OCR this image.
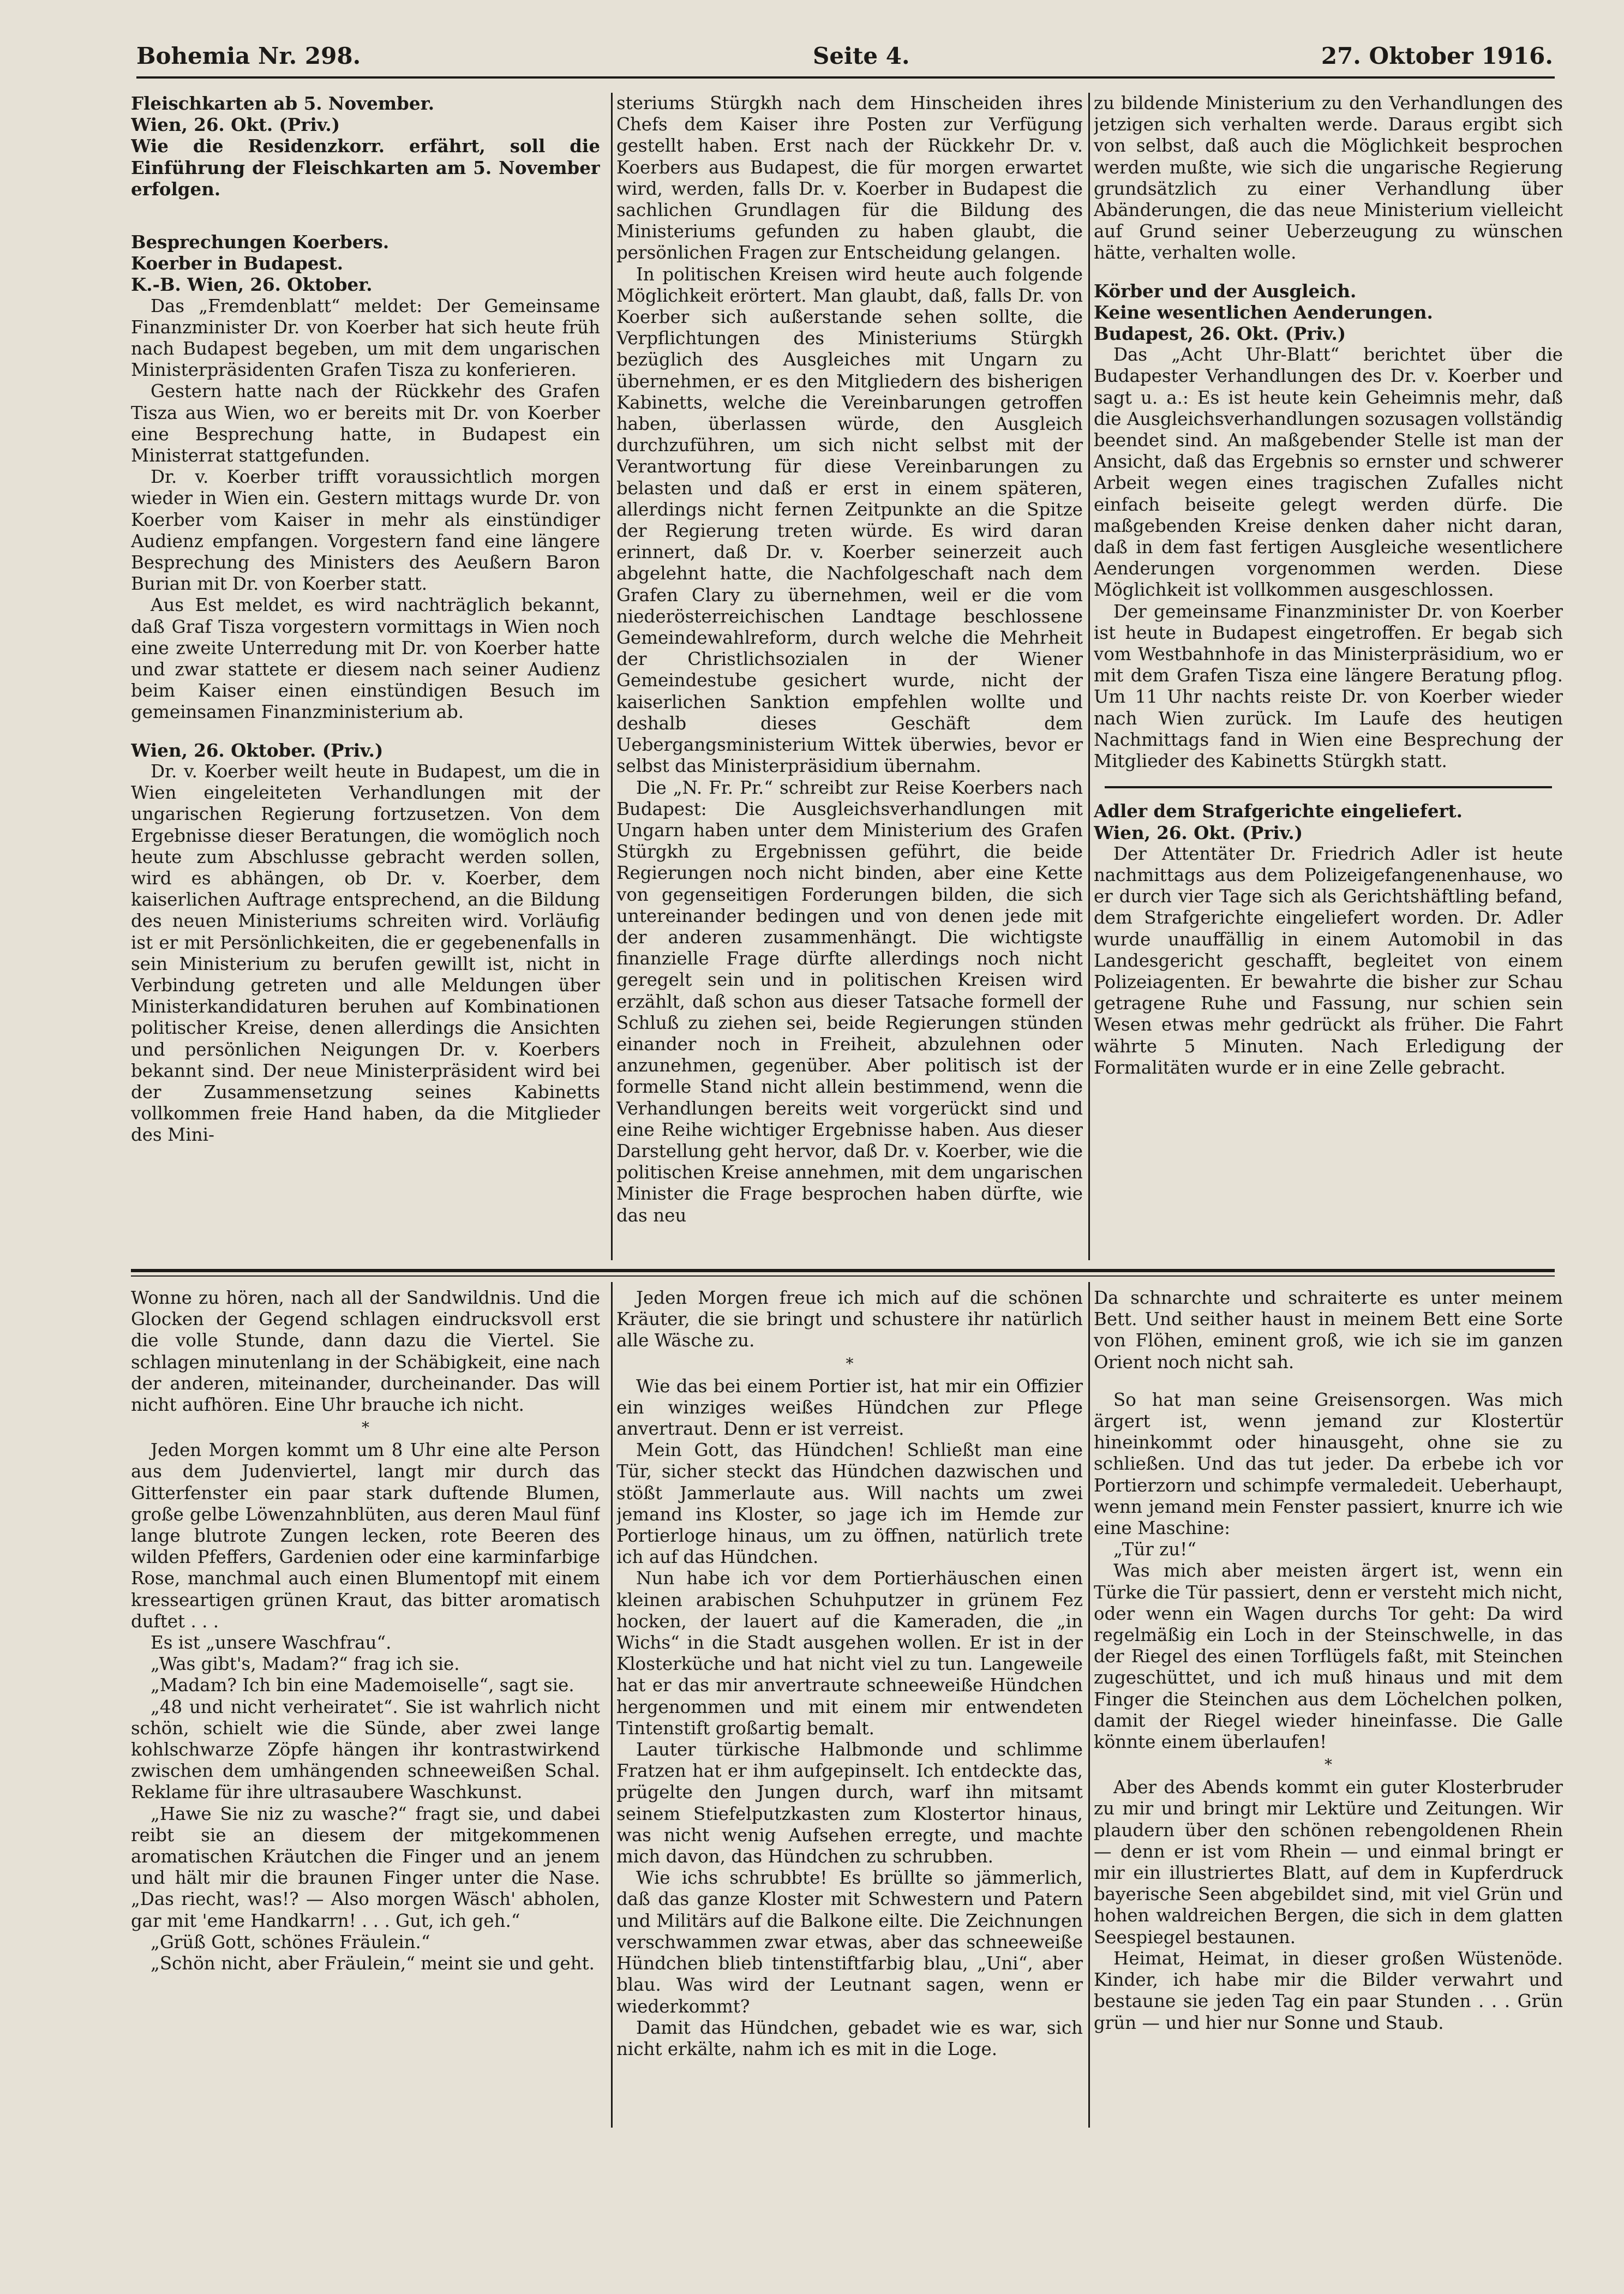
Bohemia Nr. 298.	Seite 4.	27. Oktober 1916.

Fleischkarten ab 5. November.

Wien, 26. Okt. (Priv.)

Wie die Residenzkorr. erfährt, soll die Einführung der Fleischkarten am 5. November erfolgen.

Besprechungen Koerbers.

Koerber in Budapest.

K.-B. Wien, 26. Oktober.

Das „Fremdenblatt“ meldet: Der Gemeinsame Finanzminister Dr. von Koerber hat sich heute früh nach Budapest begeben, um mit dem ungarischen Ministerpräsidenten Grafen Tisza zu konferieren.

Gestern hatte nach der Rückkehr des Grafen Tisza aus Wien, wo er bereits mit Dr. von Koerber eine Besprechung hatte, in Budapest ein Ministerrat stattgefunden.

Dr. v. Koerber trifft voraussichtlich morgen wieder in Wien ein. Gestern mittags wurde Dr. von Koerber vom Kaiser in mehr als einstündiger Audienz empfangen. Vorgestern fand eine längere Besprechung des Ministers des Aeußern Baron Burian mit Dr. von Koerber statt.

Aus Est meldet, es wird nachträglich bekannt, daß Graf Tisza vorgestern vormittags in Wien noch eine zweite Unterredung mit Dr. von Koerber hatte und zwar stattete er diesem nach seiner Audienz beim Kaiser einen einstündigen Besuch im gemeinsamen Finanzministerium ab.

Wien, 26. Oktober. (Priv.)

Dr. v. Koerber weilt heute in Budapest, um die in Wien eingeleiteten Verhandlungen mit der ungarischen Regierung fortzusetzen. Von dem Ergebnisse dieser Beratungen, die womöglich noch heute zum Abschlusse gebracht werden sollen, wird es abhängen, ob Dr. v. Koerber, dem kaiserlichen Auftrage entsprechend, an die Bildung des neuen Ministeriums schreiten wird. Vorläufig ist er mit Persönlichkeiten, die er gegebenenfalls in sein Ministerium zu berufen gewillt ist, nicht in Verbindung getreten und alle Meldungen über Ministerkandidaturen beruhen auf Kombinationen politischer Kreise, denen allerdings die Ansichten und persönlichen Neigungen Dr. v. Koerbers bekannt sind. Der neue Ministerpräsident wird bei der Zusammensetzung seines Kabinetts vollkommen freie Hand haben, da die Mitglieder des Mini-

steriums Stürgkh nach dem Hinscheiden ihres Chefs dem Kaiser ihre Posten zur Verfügung gestellt haben. Erst nach der Rückkehr Dr. v. Koerbers aus Budapest, die für morgen erwartet wird, werden, falls Dr. v. Koerber in Budapest die sachlichen Grundlagen für die Bildung des Ministeriums gefunden zu haben glaubt, die persönlichen Fragen zur Entscheidung gelangen.

In politischen Kreisen wird heute auch folgende Möglichkeit erörtert. Man glaubt, daß, falls Dr. von Koerber sich außerstande sehen sollte, die Verpflichtungen des Ministeriums Stürgkh bezüglich des Ausgleiches mit Ungarn zu übernehmen, er es den Mitgliedern des bisherigen Kabinetts, welche die Vereinbarungen getroffen haben, überlassen würde, den Ausgleich durchzuführen, um sich nicht selbst mit der Verantwortung für diese Vereinbarungen zu belasten und daß er erst in einem späteren, allerdings nicht fernen Zeitpunkte an die Spitze der Regierung treten würde. Es wird daran erinnert, daß Dr. v. Koerber seinerzeit auch abgelehnt hatte, die Nachfolgeschaft nach dem Grafen Clary zu übernehmen, weil er die vom niederösterreichischen Landtage beschlossene Gemeindewahlreform, durch welche die Mehrheit der Christlichsozialen in der Wiener Gemeindestube gesichert wurde, nicht der kaiserlichen Sanktion empfehlen wollte und deshalb dieses Geschäft dem Uebergangsministerium Wittek überwies, bevor er selbst das Ministerpräsidium übernahm.

Die „N. Fr. Pr.“ schreibt zur Reise Koerbers nach Budapest: Die Ausgleichsverhandlungen mit Ungarn haben unter dem Ministerium des Grafen Stürgkh zu Ergebnissen geführt, die beide Regierungen noch nicht binden, aber eine Kette von gegenseitigen Forderungen bilden, die sich untereinander bedingen und von denen jede mit der anderen zusammenhängt. Die wichtigste finanzielle Frage dürfte allerdings noch nicht geregelt sein und in politischen Kreisen wird erzählt, daß schon aus dieser Tatsache formell der Schluß zu ziehen sei, beide Regierungen stünden einander noch in Freiheit, abzulehnen oder anzunehmen, gegenüber. Aber politisch ist der formelle Stand nicht allein bestimmend, wenn die Verhandlungen bereits weit vorgerückt sind und eine Reihe wichtiger Ergebnisse haben. Aus dieser Darstellung geht hervor, daß Dr. v. Koerber, wie die politischen Kreise annehmen, mit dem ungarischen Minister die Frage besprochen haben dürfte, wie das neu

zu bildende Ministerium zu den Verhandlungen des jetzigen sich verhalten werde. Daraus ergibt sich von selbst, daß auch die Möglichkeit besprochen werden mußte, wie sich die ungarische Regierung grundsätzlich zu einer Verhandlung über Abänderungen, die das neue Ministerium vielleicht auf Grund seiner Ueberzeugung zu wünschen hätte, verhalten wolle.

Körber und der Ausgleich.

Keine wesentlichen Aenderungen.

Budapest, 26. Okt. (Priv.)

Das „Acht Uhr-Blatt“ berichtet über die Budapester Verhandlungen des Dr. v. Koerber und sagt u. a.: Es ist heute kein Geheimnis mehr, daß die Ausgleichsverhandlungen sozusagen vollständig beendet sind. An maßgebender Stelle ist man der Ansicht, daß das Ergebnis so ernster und schwerer Arbeit wegen eines tragischen Zufalles nicht einfach beiseite gelegt werden dürfe. Die maßgebenden Kreise denken daher nicht daran, daß in dem fast fertigen Ausgleiche wesentlichere Aenderungen vorgenommen werden. Diese Möglichkeit ist vollkommen ausgeschlossen.

Der gemeinsame Finanzminister Dr. von Koerber ist heute in Budapest eingetroffen. Er begab sich vom Westbahnhofe in das Ministerpräsidium, wo er mit dem Grafen Tisza eine längere Beratung pflog. Um 11 Uhr nachts reiste Dr. von Koerber wieder nach Wien zurück. Im Laufe des heutigen Nachmittags fand in Wien eine Besprechung der Mitglieder des Kabinetts Stürgkh statt.

Adler dem Strafgerichte eingeliefert.

Wien, 26. Okt. (Priv.)

Der Attentäter Dr. Friedrich Adler ist heute nachmittags aus dem Polizeigefangenenhause, wo er durch vier Tage sich als Gerichtshäftling befand, dem Strafgerichte eingeliefert worden. Dr. Adler wurde unauffällig in einem Automobil in das Landesgericht geschafft, begleitet von einem Polizeiagenten. Er bewahrte die bisher zur Schau getragene Ruhe und Fassung, nur schien sein Wesen etwas mehr gedrückt als früher. Die Fahrt währte 5 Minuten. Nach Erledigung der Formalitäten wurde er in eine Zelle gebracht.

Wonne zu hören, nach all der Sandwildnis. Und die Glocken der Gegend schlagen eindrucksvoll erst die volle Stunde, dann dazu die Viertel. Sie schlagen minutenlang in der Schäbigkeit, eine nach der anderen, miteinander, durcheinander. Das will nicht aufhören. Eine Uhr brauche ich nicht.

*

Jeden Morgen kommt um 8 Uhr eine alte Person aus dem Judenviertel, langt mir durch das Gitterfenster ein paar stark duftende Blumen, große gelbe Löwenzahnblüten, aus deren Maul fünf lange blutrote Zungen lecken, rote Beeren des wilden Pfeffers, Gardenien oder eine karminfarbige Rose, manchmal auch einen Blumentopf mit einem kresseartigen grünen Kraut, das bitter aromatisch duftet . . .

Es ist „unsere Waschfrau“.

„Was gibt's, Madam?“ frag ich sie.

„Madam? Ich bin eine Mademoiselle“, sagt sie.

„48 und nicht verheiratet“. Sie ist wahrlich nicht schön, schielt wie die Sünde, aber zwei lange kohlschwarze Zöpfe hängen ihr kontrastwirkend zwischen dem umhängenden schneeweißen Schal. Reklame für ihre ultrasaubere Waschkunst.

„Hawe Sie niz zu wasche?“ fragt sie, und dabei reibt sie an diesem der mitgekommenen aromatischen Kräutchen die Finger und an jenem und hält mir die braunen Finger unter die Nase. „Das riecht, was!? — Also morgen Wäsch' abholen, gar mit 'eme Handkarrn! . . . Gut, ich geh.“

„Grüß Gott, schönes Fräulein.“

„Schön nicht, aber Fräulein,“ meint sie und geht.

Jeden Morgen freue ich mich auf die schönen Kräuter, die sie bringt und schustere ihr natürlich alle Wäsche zu.

*

Wie das bei einem Portier ist, hat mir ein Offizier ein winziges weißes Hündchen zur Pflege anvertraut. Denn er ist verreist.

Mein Gott, das Hündchen! Schließt man eine Tür, sicher steckt das Hündchen dazwischen und stößt Jammerlaute aus. Will nachts um zwei jemand ins Kloster, so jage ich im Hemde zur Portierloge hinaus, um zu öffnen, natürlich trete ich auf das Hündchen.

Nun habe ich vor dem Portierhäuschen einen kleinen arabischen Schuhputzer in grünem Fez hocken, der lauert auf die Kameraden, die „in Wichs“ in die Stadt ausgehen wollen. Er ist in der Klosterküche und hat nicht viel zu tun. Langeweile hat er das mir anvertraute schneeweiße Hündchen hergenommen und mit einem mir entwendeten Tintenstift großartig bemalt.

Lauter türkische Halbmonde und schlimme Fratzen hat er ihm aufgepinselt. Ich entdeckte das, prügelte den Jungen durch, warf ihn mitsamt seinem Stiefelputzkasten zum Klostertor hinaus, was nicht wenig Aufsehen erregte, und machte mich davon, das Hündchen zu schrubben.

Wie ichs schrubbte! Es brüllte so jämmerlich, daß das ganze Kloster mit Schwestern und Patern und Militärs auf die Balkone eilte. Die Zeichnungen verschwammen zwar etwas, aber das schneeweiße Hündchen blieb tintenstiftfarbig blau, „Uni“, aber blau. Was wird der Leutnant sagen, wenn er wiederkommt?

Damit das Hündchen, gebadet wie es war, sich nicht erkälte, nahm ich es mit in die Loge.

Da schnarchte und schraiterte es unter meinem Bett. Und seither haust in meinem Bett eine Sorte von Flöhen, eminent groß, wie ich sie im ganzen Orient noch nicht sah.

So hat man seine Greisensorgen. Was mich ärgert ist, wenn jemand zur Klostertür hineinkommt oder hinausgeht, ohne sie zu schließen. Und das tut jeder. Da erbebe ich vor Portierzorn und schimpfe vermaledeit. Ueberhaupt, wenn jemand mein Fenster passiert, knurre ich wie eine Maschine:

„Tür zu!“

Was mich aber meisten ärgert ist, wenn ein Türke die Tür passiert, denn er versteht mich nicht, oder wenn ein Wagen durchs Tor geht: Da wird regelmäßig ein Loch in der Steinschwelle, in das der Riegel des einen Torflügels faßt, mit Steinchen zugeschüttet, und ich muß hinaus und mit dem Finger die Steinchen aus dem Löchelchen polken, damit der Riegel wieder hineinfasse. Die Galle könnte einem überlaufen!

*

Aber des Abends kommt ein guter Klosterbruder zu mir und bringt mir Lektüre und Zeitungen. Wir plaudern über den schönen rebengoldenen Rhein — denn er ist vom Rhein — und einmal bringt er mir ein illustriertes Blatt, auf dem in Kupferdruck bayerische Seen abgebildet sind, mit viel Grün und hohen waldreichen Bergen, die sich in dem glatten Seespiegel bestaunen.

Heimat, Heimat, in dieser großen Wüstenöde. Kinder, ich habe mir die Bilder verwahrt und bestaune sie jeden Tag ein paar Stunden . . . Grün grün — und hier nur Sonne und Staub.
